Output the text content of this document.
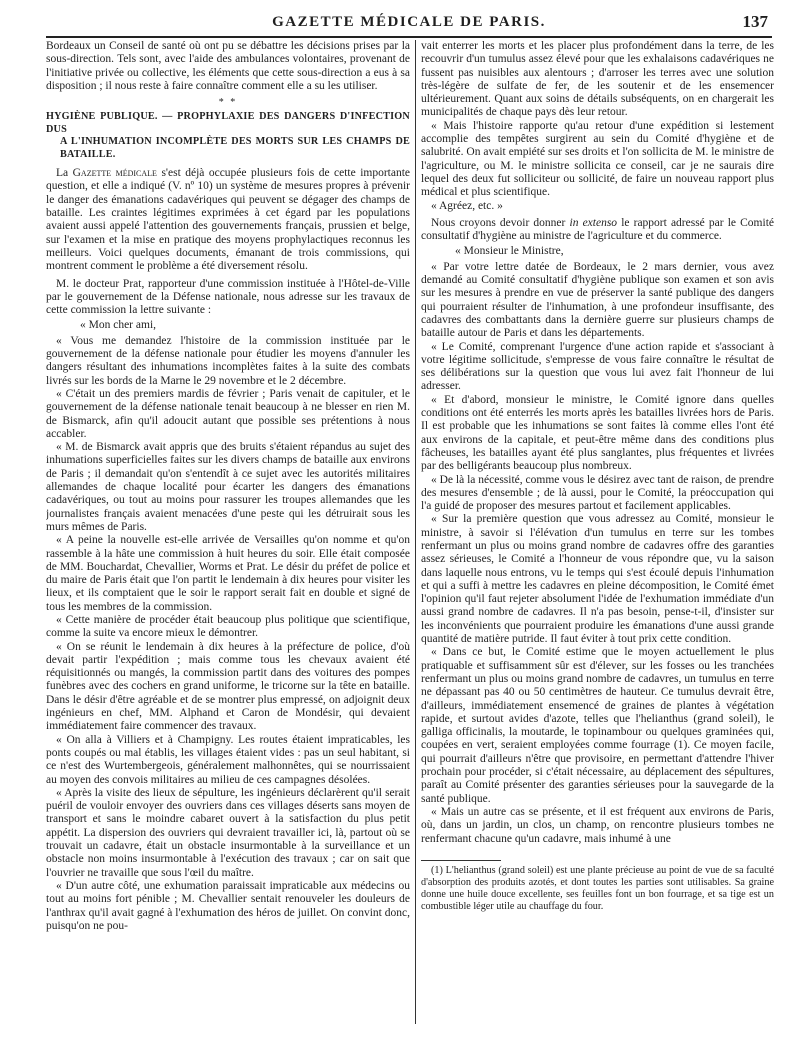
GAZETTE MÉDICALE DE PARIS.	137

Bordeaux un Conseil de santé où ont pu se débattre les décisions prises par la sous-direction. Tels sont, avec l'aide des ambulances volontaires, provenant de l'initiative privée ou collective, les éléments que cette sous-direction a eus à sa disposition ; il nous reste à faire connaître comment elle a su les utiliser.

* *
HYGIÈNE PUBLIQUE. — PROPHYLAXIE DES DANGERS D'INFECTION DUS
A L'INHUMATION INCOMPLÈTE DES MORTS SUR LES CHAMPS DE BATAILLE.

La Gazette médicale s'est déjà occupée plusieurs fois de cette importante question, et elle a indiqué (V. nº 10) un système de mesures propres à prévenir le danger des émanations cadavériques qui peuvent se dégager des champs de bataille. Les craintes légitimes exprimées à cet égard par les populations avaient aussi appelé l'attention des gouvernements français, prussien et belge, sur l'examen et la mise en pratique des moyens prophylactiques reconnus les meilleurs. Voici quelques documents, émanant de trois commissions, qui montrent comment le problème a été diversement résolu.

M. le docteur Prat, rapporteur d'une commission instituée à l'Hôtel-de-Ville par le gouvernement de la Défense nationale, nous adresse sur les travaux de cette commission la lettre suivante :

« Mon cher ami,

« Vous me demandez l'histoire de la commission instituée par le gouvernement de la défense nationale pour étudier les moyens d'annuler les dangers résultant des inhumations incomplètes faites à la suite des combats livrés sur les bords de la Marne le 29 novembre et le 2 décembre.

« C'était un des premiers mardis de février ; Paris venait de capituler, et le gouvernement de la défense nationale tenait beaucoup à ne blesser en rien M. de Bismarck, afin qu'il adoucit autant que possible ses prétentions à nous accabler.

« M. de Bismarck avait appris que des bruits s'étaient répandus au sujet des inhumations superficielles faites sur les divers champs de bataille aux environs de Paris ; il demandait qu'on s'entendît à ce sujet avec les autorités militaires allemandes de chaque localité pour écarter les dangers des émanations cadavériques, ou tout au moins pour rassurer les troupes allemandes que les journalistes français avaient menacées d'une peste qui les détruirait sous les murs mêmes de Paris.

« A peine la nouvelle est-elle arrivée de Versailles qu'on nomme et qu'on rassemble à la hâte une commission à huit heures du soir. Elle était composée de MM. Bouchardat, Chevallier, Worms et Prat. Le désir du préfet de police et du maire de Paris était que l'on partit le lendemain à dix heures pour visiter les lieux, et ils comptaient que le soir le rapport serait fait en double et signé de tous les membres de la commission.

« Cette manière de procéder était beaucoup plus politique que scientifique, comme la suite va encore mieux le démontrer.

« On se réunit le lendemain à dix heures à la préfecture de police, d'où devait partir l'expédition ; mais comme tous les chevaux avaient été réquisitionnés ou mangés, la commission partit dans des voitures des pompes funèbres avec des cochers en grand uniforme, le tricorne sur la tête en bataille. Dans le désir d'être agréable et de se montrer plus empressé, on adjoignit deux ingénieurs en chef, MM. Alphand et Caron de Mondésir, qui devaient immédiatement faire commencer des travaux.

« On alla à Villiers et à Champigny. Les routes étaient impraticables, les ponts coupés ou mal établis, les villages étaient vides : pas un seul habitant, si ce n'est des Wurtembergeois, généralement malhonnêtes, qui se nourrissaient au moyen des convois militaires au milieu de ces campagnes désolées.

« Après la visite des lieux de sépulture, les ingénieurs déclarèrent qu'il serait puéril de vouloir envoyer des ouvriers dans ces villages déserts sans moyen de transport et sans le moindre cabaret ouvert à la satisfaction du plus petit appétit. La dispersion des ouvriers qui devraient travailler ici, là, partout où se trouvait un cadavre, était un obstacle insurmontable à la surveillance et un obstacle non moins insurmontable à l'exécution des travaux ; car on sait que l'ouvrier ne travaille que sous l'œil du maître.

« D'un autre côté, une exhumation paraissait impraticable aux médecins ou tout au moins fort pénible ; M. Chevallier sentait renouveler les douleurs de l'anthrax qu'il avait gagné à l'exhumation des héros de juillet. On convint donc, puisqu'on ne pou-

vait enterrer les morts et les placer plus profondément dans la terre, de les recouvrir d'un tumulus assez élevé pour que les exhalaisons cadavériques ne fussent pas nuisibles aux alentours ; d'arroser les terres avec une solution très-légère de sulfate de fer, de les soutenir et de les ensemencer ultérieurement. Quant aux soins de détails subséquents, on en chargerait les municipalités de chaque pays dès leur retour.

« Mais l'histoire rapporte qu'au retour d'une expédition si lestement accomplie des tempêtes surgirent au sein du Comité d'hygiène et de salubrité. On avait empiété sur ses droits et l'on sollicita de M. le ministre de l'agriculture, ou M. le ministre sollicita ce conseil, car je ne saurais dire lequel des deux fut solliciteur ou sollicité, de faire un nouveau rapport plus médical et plus scientifique.

« Agréez, etc. »

Nous croyons devoir donner in extenso le rapport adressé par le Comité consultatif d'hygiène au ministre de l'agriculture et du commerce.

« Monsieur le Ministre,

« Par votre lettre datée de Bordeaux, le 2 mars dernier, vous avez demandé au Comité consultatif d'hygiène publique son examen et son avis sur les mesures à prendre en vue de préserver la santé publique des dangers qui pourraient résulter de l'inhumation, à une profondeur insuffisante, des cadavres des combattants dans la dernière guerre sur plusieurs champs de bataille autour de Paris et dans les départements.

« Le Comité, comprenant l'urgence d'une action rapide et s'associant à votre légitime sollicitude, s'empresse de vous faire connaître le résultat de ses délibérations sur la question que vous lui avez fait l'honneur de lui adresser.

« Et d'abord, monsieur le ministre, le Comité ignore dans quelles conditions ont été enterrés les morts après les batailles livrées hors de Paris. Il est probable que les inhumations se sont faites là comme elles l'ont été aux environs de la capitale, et peut-être même dans des conditions plus fâcheuses, les batailles ayant été plus sanglantes, plus fréquentes et livrées par des belligérants beaucoup plus nombreux.

« De là la nécessité, comme vous le désirez avec tant de raison, de prendre des mesures d'ensemble ; de là aussi, pour le Comité, la préoccupation qui l'a guidé de proposer des mesures partout et facilement applicables.

« Sur la première question que vous adressez au Comité, monsieur le ministre, à savoir si l'élévation d'un tumulus en terre sur les tombes renfermant un plus ou moins grand nombre de cadavres offre des garanties assez sérieuses, le Comité a l'honneur de vous répondre que, vu la saison dans laquelle nous entrons, vu le temps qui s'est écoulé depuis l'inhumation et qui a suffi à mettre les cadavres en pleine décomposition, le Comité émet l'opinion qu'il faut rejeter absolument l'idée de l'exhumation immédiate d'un aussi grand nombre de cadavres. Il n'a pas besoin, pense-t-il, d'insister sur les inconvénients que pourraient produire les émanations d'une aussi grande quantité de matière putride. Il faut éviter à tout prix cette condition.

« Dans ce but, le Comité estime que le moyen actuellement le plus pratiquable et suffisamment sûr est d'élever, sur les fosses ou les tranchées renfermant un plus ou moins grand nombre de cadavres, un tumulus en terre ne dépassant pas 40 ou 50 centimètres de hauteur. Ce tumulus devrait être, d'ailleurs, immédiatement ensemencé de graines de plantes à végétation rapide, et surtout avides d'azote, telles que l'helianthus (grand soleil), le galliga officinalis, la moutarde, le topinambour ou quelques graminées qui, coupées en vert, seraient employées comme fourrage (1). Ce moyen facile, qui pourrait d'ailleurs n'être que provisoire, en permettant d'attendre l'hiver prochain pour procéder, si c'était nécessaire, au déplacement des sépultures, paraît au Comité présenter des garanties sérieuses pour la sauvegarde de la santé publique.

« Mais un autre cas se présente, et il est fréquent aux environs de Paris, où, dans un jardin, un clos, un champ, on rencontre plusieurs tombes ne renfermant chacune qu'un cadavre, mais inhumé à une

(1) L'helianthus (grand soleil) est une plante précieuse au point de vue de sa faculté d'absorption des produits azotés, et dont toutes les parties sont utilisables. Sa graine donne une huile douce excellente, ses feuilles font un bon fourrage, et sa tige est un combustible léger utile au chauffage du four.
